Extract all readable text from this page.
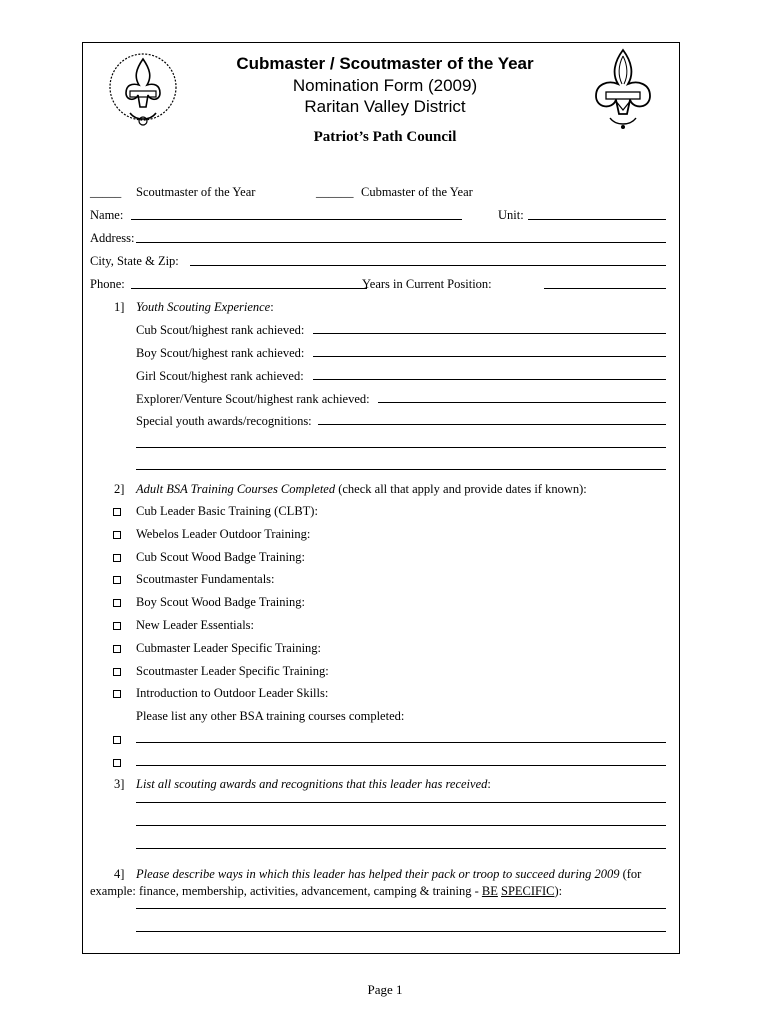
Cubmaster / Scoutmaster of the Year
Nomination Form (2009)
Raritan Valley District
Patriot’s Path Council
_____ Scoutmaster of the Year	______ Cubmaster of the Year
Name:	Unit:
Address:
City, State & Zip:
Phone:	Years in Current Position:
1] Youth Scouting Experience:
Cub Scout/highest rank achieved:
Boy Scout/highest rank achieved:
Girl Scout/highest rank achieved:
Explorer/Venture Scout/highest rank achieved:
Special youth awards/recognitions:
2] Adult BSA Training Courses Completed (check all that apply and provide dates if known):
Cub Leader Basic Training (CLBT):
Webelos Leader Outdoor Training:
Cub Scout Wood Badge Training:
Scoutmaster Fundamentals:
Boy Scout Wood Badge Training:
New Leader Essentials:
Cubmaster Leader Specific Training:
Scoutmaster Leader Specific Training:
Introduction to Outdoor Leader Skills:
Please list any other BSA training courses completed:
3] List all scouting awards and recognitions that this leader has received:
4] Please describe ways in which this leader has helped their pack or troop to succeed during 2009 (for
example: finance, membership, activities, advancement, camping & training - BE SPECIFIC):
Page 1
